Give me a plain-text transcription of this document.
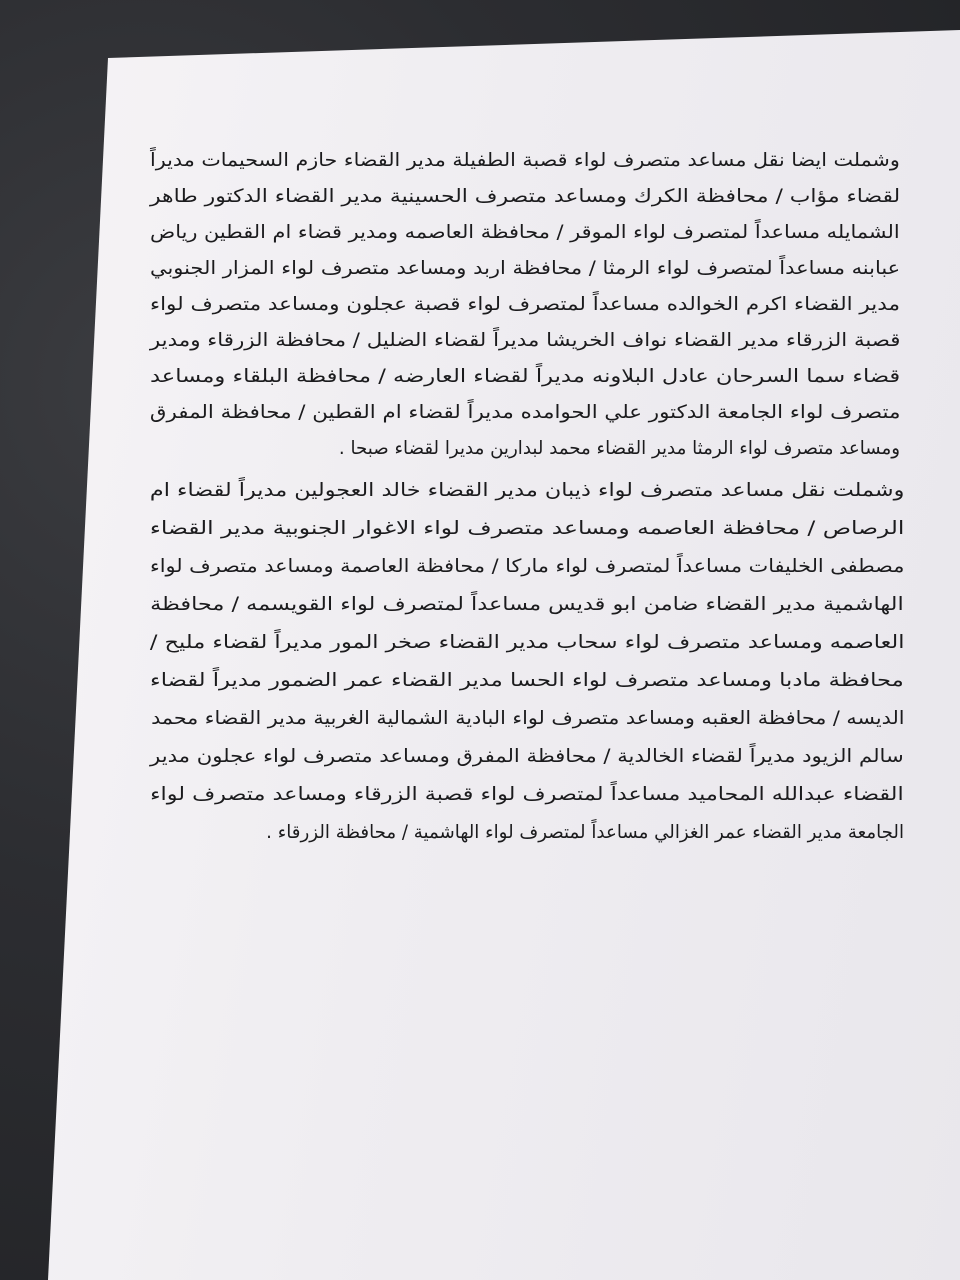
وشملت ايضا نقل مساعد متصرف لواء قصبة الطفيلة مدير القضاء حازم السحيمات مديراً
لقضاء مؤاب / محافظة الكرك ومساعد متصرف الحسينية مدير القضاء الدكتور طاهر
الشمايله مساعداً لمتصرف لواء الموقر / محافظة العاصمه ومدير قضاء ام القطين رياض
عبابنه مساعداً لمتصرف لواء الرمثا / محافظة اربد ومساعد متصرف لواء المزار الجنوبي
مدير القضاء اكرم الخوالده مساعداً لمتصرف لواء قصبة عجلون ومساعد متصرف لواء
قصبة الزرقاء مدير القضاء نواف الخريشا مديراً لقضاء الضليل / محافظة الزرقاء ومدير
قضاء سما السرحان عادل البلاونه مديراً لقضاء العارضه / محافظة البلقاء ومساعد
متصرف لواء الجامعة الدكتور علي الحوامده مديراً لقضاء ام القطين / محافظة المفرق
ومساعد متصرف لواء الرمثا مدير القضاء محمد لبدارين مديرا لقضاء صبحا .
وشملت نقل مساعد متصرف لواء ذيبان مدير القضاء خالد العجولين مديراً لقضاء ام
الرصاص / محافظة العاصمه ومساعد متصرف لواء الاغوار الجنوبية مدير القضاء
مصطفى الخليفات مساعداً لمتصرف لواء ماركا / محافظة العاصمة ومساعد متصرف لواء
الهاشمية مدير القضاء ضامن ابو قديس مساعداً لمتصرف لواء القويسمه / محافظة
العاصمه ومساعد متصرف لواء سحاب مدير القضاء صخر المور مديراً لقضاء مليح /
محافظة مادبا ومساعد متصرف لواء الحسا مدير القضاء عمر الضمور مديراً لقضاء
الديسه / محافظة العقبه ومساعد متصرف لواء البادية الشمالية الغربية مدير القضاء محمد
سالم الزيود مديراً لقضاء الخالدية / محافظة المفرق ومساعد متصرف لواء عجلون مدير
القضاء عبدالله المحاميد مساعداً لمتصرف لواء قصبة الزرقاء ومساعد متصرف لواء
الجامعة مدير القضاء عمر الغزالي مساعداً لمتصرف لواء الهاشمية / محافظة الزرقاء .
